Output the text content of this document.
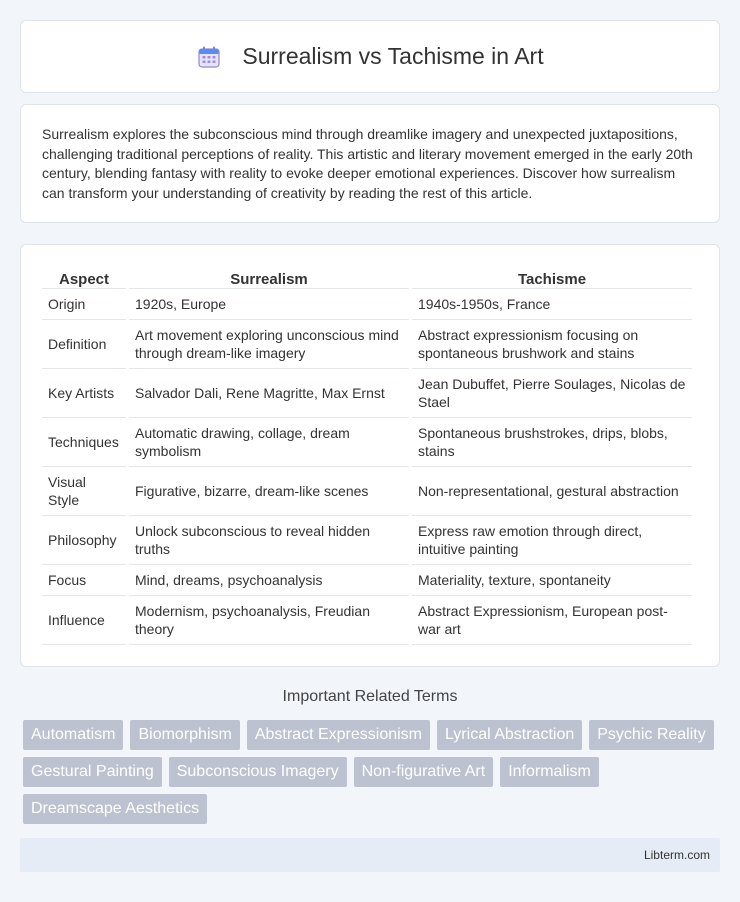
Surrealism vs Tachisme in Art

Surrealism explores the subconscious mind through dreamlike imagery and unexpected juxtapositions, challenging traditional perceptions of reality. This artistic and literary movement emerged in the early 20th century, blending fantasy with reality to evoke deeper emotional experiences. Discover how surrealism can transform your understanding of creativity by reading the rest of this article.

Aspect	Surrealism	Tachisme
Origin	1920s, Europe	1940s-1950s, France
Definition	Art movement exploring unconscious mind through dream-like imagery	Abstract expressionism focusing on spontaneous brushwork and stains
Key Artists	Salvador Dali, Rene Magritte, Max Ernst	Jean Dubuffet, Pierre Soulages, Nicolas de Stael
Techniques	Automatic drawing, collage, dream symbolism	Spontaneous brushstrokes, drips, blobs, stains
Visual Style	Figurative, bizarre, dream-like scenes	Non-representational, gestural abstraction
Philosophy	Unlock subconscious to reveal hidden truths	Express raw emotion through direct, intuitive painting
Focus	Mind, dreams, psychoanalysis	Materiality, texture, spontaneity
Influence	Modernism, psychoanalysis, Freudian theory	Abstract Expressionism, European post-war art
Important Related Terms
Automatism	Biomorphism	Abstract Expressionism	Lyrical Abstraction	Psychic Reality
Gestural Painting	Subconscious Imagery	Non-figurative Art	Informalism
Dreamscape Aesthetics
Libterm.com
